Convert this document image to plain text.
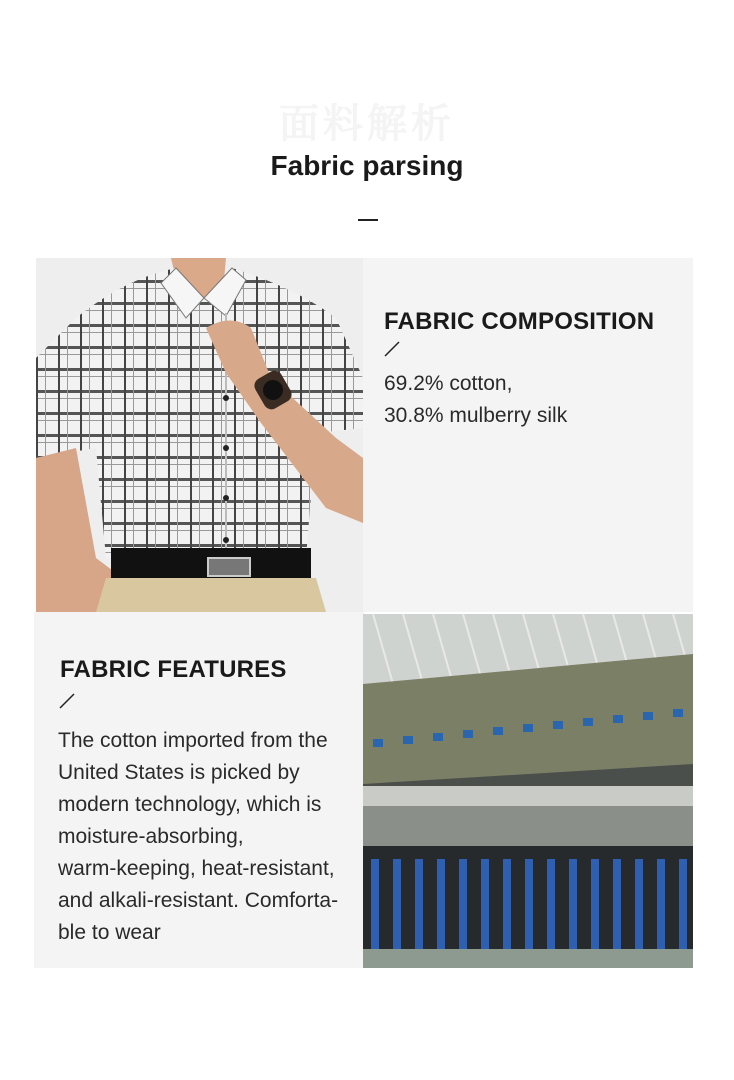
面料解析
Fabric parsing
FABRIC COMPOSITION
69.2% cotton,
30.8% mulberry silk
FABRIC FEATURES
The cotton imported from the
United States is picked by
modern technology, which is
moisture-absorbing,
warm-keeping, heat-resistant,
and alkali-resistant. Comforta-
ble to wear
